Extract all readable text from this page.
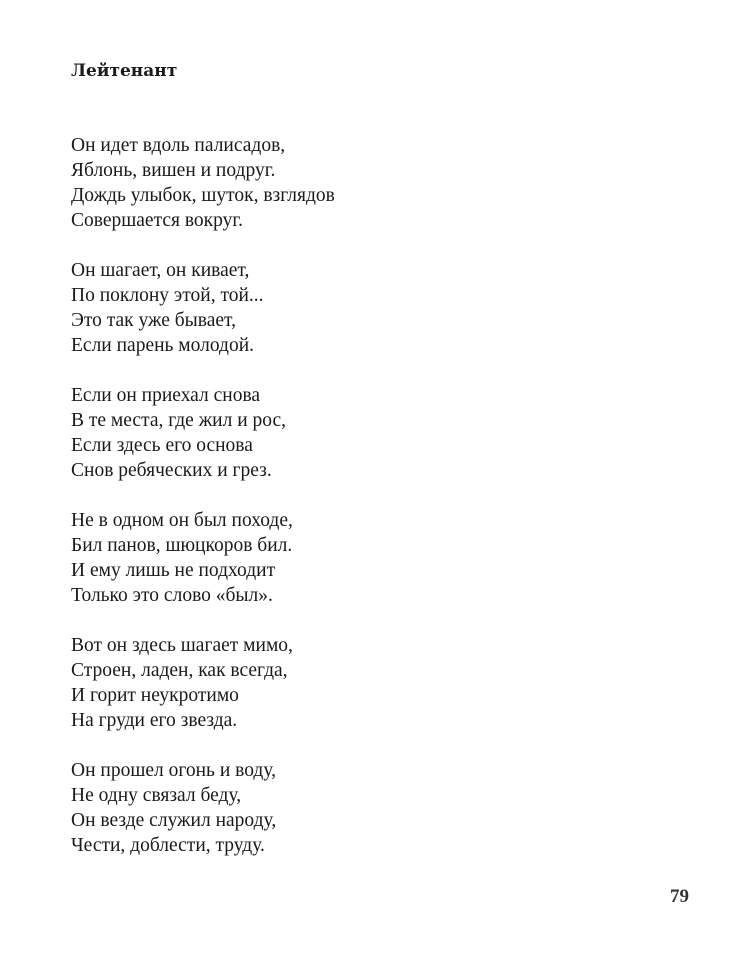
Лейтенант
Он идет вдоль палисадов,
Яблонь, вишен и подруг.
Дождь улыбок, шуток, взглядов
Совершается вокруг.
Он шагает, он кивает,
По поклону этой, той...
Это так уже бывает,
Если парень молодой.
Если он приехал снова
В те места, где жил и рос,
Если здесь его основа
Снов ребяческих и грез.
Не в одном он был походе,
Бил панов, шюцкоров бил.
И ему лишь не подходит
Только это слово «был».
Вот он здесь шагает мимо,
Строен, ладен, как всегда,
И горит неукротимо
На груди его звезда.
Он прошел огонь и воду,
Не одну связал беду,
Он везде служил народу,
Чести, доблести, труду.
79
